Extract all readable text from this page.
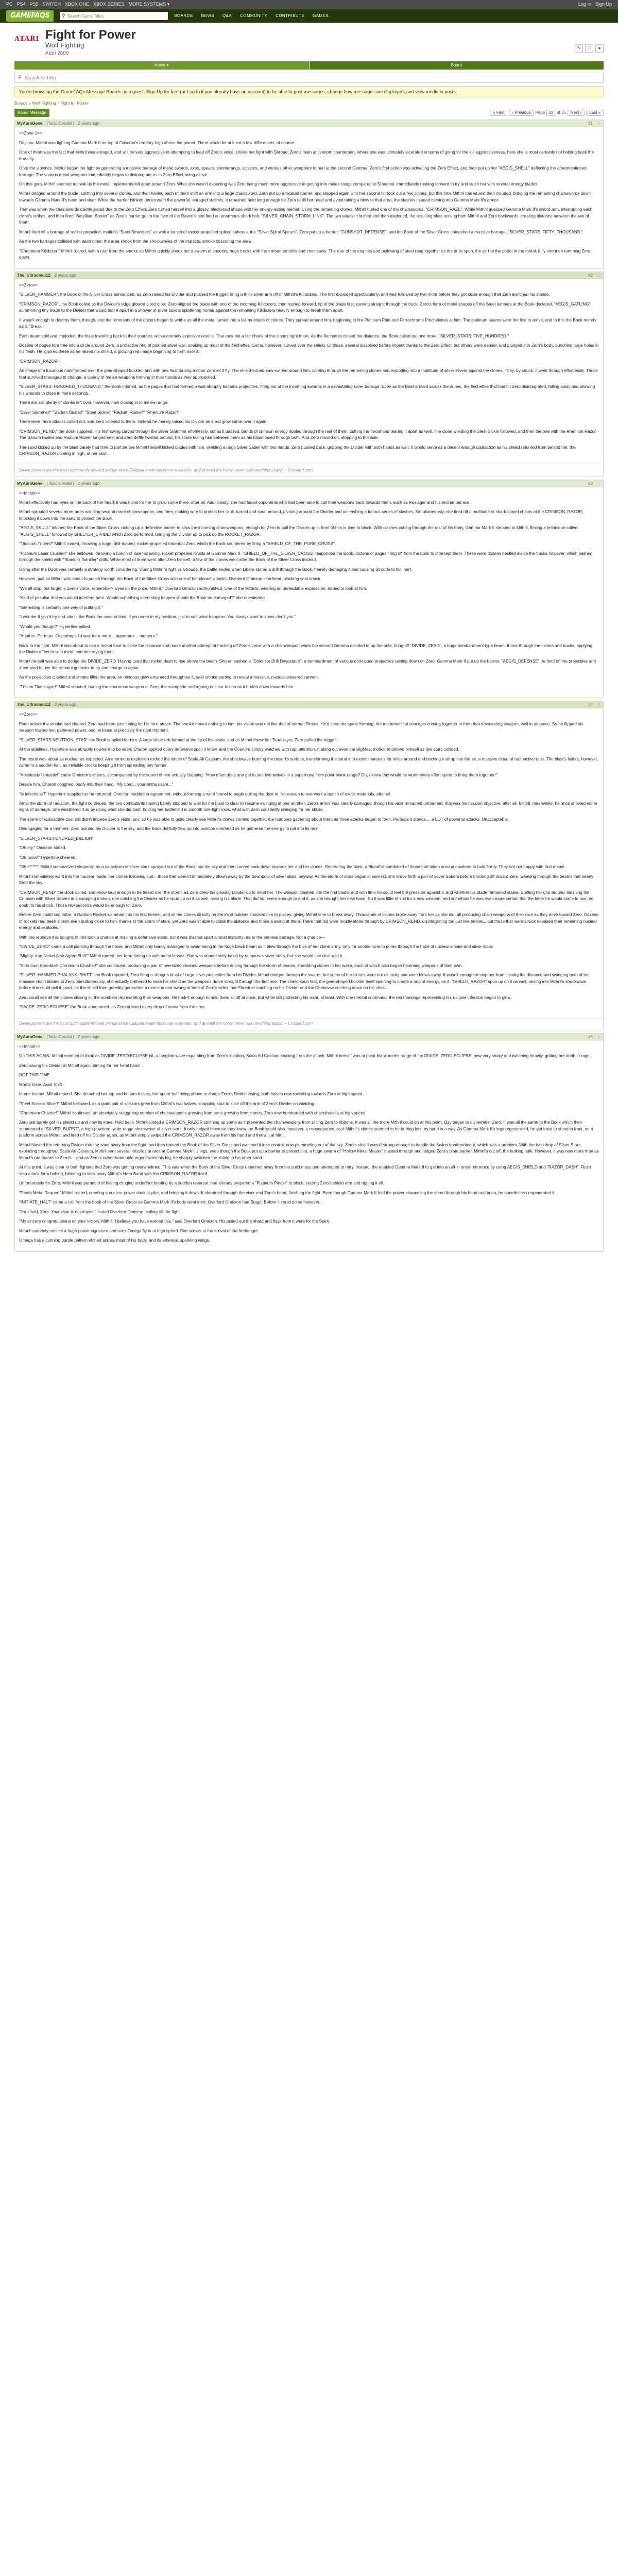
PC PS4 PS5 SWITCH XBOX ONE XBOX SERIES MORE SYSTEMS ▾	Log In Sign Up
GAMEFAQS	⚲
Search Game Titles	BOARDS NEWS Q&A COMMUNITY CONTRIBUTE GAMES
ATARI Fight for Power
Wolf Fighting
Atari 2600
✎	♡	●
Home ▾	Board
⚲
Search for help
You're browsing the GameFAQs Message Boards as a guest. Sign Up for free (or Log In if you already have an account) to be able to post messages, change how messages are displayed, and view media in posts.
Boards » Wolf Fighting » Fight for Power
Board Message	« First	‹ Previous	Page 33 of 35	Next ›	Last »
MyAuraGene (Topic Creator) 2 years ago	#1 ⋮

<<Zone 1>>

Deja vu. Mithril was fighting Gamma Mark II on top of Omicron's territory high above the planet. There would be at least a few differences, of course.

One of them was the fact that Mithril was enraged, and will be very aggressive in attempting to lead off Zero's voice. Unlike her fight with Shroud, Zero's main antivenom counterpart, where she was ultimately lacerated in terms of going for the kill aggressiveness, here she is most certainly not holding back the brutality.

Onto the violence, Mithril began the fight by generating a massive barrage of metal swords, axes, spears, boomerangs, scissors, and various other weaponry to hurl at the second Gemma. Zero's first action was activating the Zero Effect, and then put up her "AEGIS_SHELL" deflecting the aforementioned barrage. The various metal weapons immediately began to disintegrate as in Zero Effect being active.

On this gyro, Mithril seemed to think as the metal implements fell apart around Zero. What she wasn't expecting was Zero being much more aggressive in getting into melee range compared to Stoneoni, immediately rushing forward to try and slash her with several energy blades.

Mithril dodged around the blade, splitting into several clones, and then having each of them shift an arm into a large chainsword. Zero put up a faceted barrier, and stepped again with her second hit took out a few clones, but this time Mithril roared and then clouded, bringing the remaining chainswords down towards Gamma Mark II's head and visor. While the barrier blinked underneath the powerful, enraged slashes, it remained held long enough for Zero to tilt her head and avoid taking a blow to that area, the slashes instead carving into Gamma Mark II's armor.

That was when the chainswords disintegrated due to the Zero Effect. Zero turned herself into a glossy, blackened shape with her energy-eating helmet. Using the remaining clones, Mithril hurled one of the chainswords, "CRIMSON_RAZE". While Mithril guessed Gamma Mark II's sword arm, interrupting each clone's strikes, and then fired "Beryllium Barrier" as Zero's barrier got in the face of the Raven's bed fired an enormous shark bolt, "SILVER_CHAIN_STORM_LINK". The two attacks clashed and then exploded, the resulting blast tossing both Mithril and Zero backwards, creating distance between the two of them.

Mithril fired off a barrage of rocket-propelled, multi-hit "Steel Smashers" as well a bunch of rocket-propelled spiked spheres, the "Silver Spiral Spears". Zero put up a barrier, "GUNSHOT_DEFENSE", and the Book of the Silver Cross unleashed a massive barrage, "SILVER_STARS: FIFTY_THOUSAND."

As the two barrages collided with each other, the area shook from the shockwaves of the impacts, smoke obscuring the area.

"Chromium Killdozer!" Mithril roared, with a roar from the smoke as Mithril quickly shook out a swarm of shooting huge trucks with from mounted drills and chainsaws. The roar of the engines and bellowing of steel rang together as the drills spun, the air hot the pedal to the metal, fully intent on ramming Zero down.

The_Ultraomni12 2 years ago	#2 ⋮

<<Zero>>

"SILVER_HAMMER", the Book of the Silver Cross announced, as Zero raised his Divider and pushed the trigger, firing a thick silver arm off of Mithril's Killdozers. The first exploded spectacularly, and was followed by two more before they got close enough that Zero switched his stance.

"CRIMSON_RAZOR", the Book called as the Divider's edge glowed a red glow. Zero aligned the blade with one of the incoming Killdozers, then rushed forward, tip of the blade first, carving straight through the truck. Zero's form of metal shapes off the Steel lumbers at the Book declared, "AEGIS_GATLING", summoning tiny blade to the Divider that would tear it apart in a shower of silver bullets splattering hurled against the remaining Killdozers heavily enough to break them apart.

It wasn't enough to destroy them, though, and the remnants of the dozers began to writhe as all the metal turned into a tall multitude of clones. They spread around him, beginning to fire Platinum Pain and Ferrochrome Pinchelettes at him. The platinum beams were the first to arrive, and to this the Book merely said, "Break."

Each beam split and imploded, the blast travelling back to their sources, with extremely explosive results. That took out a fair chunk of the clones right there. As the flechettes closed the distance, the Book called out one more, "SILVER_STARS: FIVE_HUNDRED."

Dozens of pages tore free into a circle around Zero, a protective ring of pointed silver wall, soaking up most of the flechettes. Some, however, curved over the shield. Of these, several dissolved before impact thanks to the Zero Effect, but others were denser, and plunged into Zero's body, punching large holes in his flesh. He ignored these as he raised his shield, a glowing red image beginning to form over it.

"CRIMSON_RAZOR."

An image of a luxurious mainframed over the gear-shaped buckler, and with one fluid turning motion Zero let it fly. The shield-turned-saw swirled around him, carving through the remaining clones and exploding into a multitude of silver slivers against the clones. They, by struck, it went through effortlessly. Those that survived managed to change, a variety of melee weapons forming in their hands as they approached.

"SILVER_STARS: HUNDRED_THOUSAND," the Book intoned, as the pages that had formed a wall abruptly became projectiles, firing out at the incoming swarms in a devastating silver barrage. Even as the blast arrived across the dunes, the flechettes that had hit Zero disintegrated, falling away and allowing his wounds to close in mere seconds.

There are still plenty of clones left over, however, now closing in to melee range.

"Silver Slammer!" "Barium Buster!" "Steel Sickle!" "Radium Rainer!" "Rhenium Razor!"

There were more attacks called out, and Zero listened to them. Instead he merely raised his Divider as a red glow came over it again.

"CRIMSON_REND," the Book supplied. His first swing carved through the Silver Slammer effortlessly, cut as it passed, bands of crimson energy rippled through the rest of them, cutting the throat and tearing it apart as well. The clone wielding the Steel Sickle followed, and then the one with the Rhenium Razor. The Barium Buster and Radium Rainer lunged next and Zero deftly twisted around, his stride taking him between them as his blade laced through both. And Zero moved on, stepping to the side.

The sand kicked up by the blast barely had time to part before Mithril herself kicked blades with him, wielding a large Silver Saber with two hands. Zero pushed back, gripping the Divider with both hands as well. It would serve as a decent enough distraction as his shield returned from behind her, the CRIMSON_RAZOR coming in high, at her skull...

Divine powers are the most ludicrously entitled beings since Caligula made his horse a senator, and at least the horse never said anything stupid. – Crooked.com
MyAuraGene (Topic Creator) 2 years ago	#3 ⋮

<<Mithril>>

Mithril effectively had eyes on the back of her head; it was trivial for her to grow some there, after all. Additionally, she had faced opponents who had been able to call their weapons back towards them, such as Rosiager and his enchanted axe.

Mithril sprouted several more arms wielding several more chainweapons, and then, making sure to protect her skull, turned and spun around, pivoting around the Divider and unleashing a furious series of slashes. Simultaneously, she fired off a multitude of shark-tipped chains at the CRIMSON_RAZOR, knocking it down into the sand to protect the Bowl.

"AEGIS_SKULL" intoned the Book of the Silver Cross, putting up a deflective barrier to slow the incoming chainweapons, enough for Zero to pull the Divider up in front of him in time to block. With clashes cutting through the rest of his body, Gamma Mark II stepped to Mithril, flexing a technique called "AEGIS_SHELL" followed by SHELTER_DIVIDE! which Zero performed, bringing the Divider up to pick up the ROCKET_RAZOR.

"Titanium Trident!" Mithril roared, throwing a huge, drill-topped, rocket-propelled trident at Zero, which the Book countered by firing a "SHIELD_OF_THE_PURE_CROSS".

"Platinum Laser Crusher!" she bellowed, throwing a bunch of laser-spewing, rocket-propelled Krusts at Gamma Mark II. "SHIELD_OF_THE_SILVER_CROSS" responded the Book, dozens of pages firing off from the book to intercept them. These were dozens nestled inside the trucks however, which bashed through the shield with "Titanium Twinkler" drills. While most of them went after Zero himself, a few of the clones went after the Book of the Silver Cross instead.

Going after the Book was certainly a strategy worth considering. During Mithril's fight vs Stroude, the battle ended when Libera stored a drill through the Book, heavily damaging it and causing Stroude to fall inert.

However, just as Mithril was about to punch through the Book of the Silver Cross with one of her clones' attacks, Overlord Omicron interfered, blocking said attack.

"We all stop, but target is Zero's voice, remember? Eyes on the prize, Mithril," Overlord Omicron admonished. One of the Mithrils, wearing an unreadable expression, turned to look at him.

"Kind of peculiar that you would interfere here. Would something interesting happen should the Book be damaged?" she questioned.

"Interesting is certainly one way of putting it."

"I wonder if you'd try and attack the Book the second time, if you were in my position, just to see what happens. You always want to know, don't you."

"Would you though?" Hypertine asked.

"Another. Perhaps. Or perhaps I'd wait for a more... opportune... moment."

Back to the fight. Mithril was about to use a rocket boot to close the distance and make another attempt at hacking off Zero's voice with a chainweapon when the second Gemma decided to up the ante, firing off "DIVIDE_ZERO", a huge bombardment type beam. It tore through the clones and trucks, applying the Divide effect to said metal and destroying them.

Mithril herself was able to dodge the DIVIDE_ZERO. Having used that rocket dash to rise above the beam. She unleashed a "Dolomite Drill Devastator", a bombardment of various drill-tipped projectiles raining down on Zero. Gamma Mark II put up the barrier, "AEGIS_DEFENSE", to fend off the projectiles and attempted to use the remaining trucks to try and charge in again.

As the projectiles clashed and smoke filled the area, an ominous glow emanated throughout it, said smoke parting to reveal a massive, nuclear-powered cannon.

"Tritium Titanslayer!" Mithril shouted, hurling the enormous weapon at Zero, the stampede undergoing nuclear fusion as it hurled down towards him.

The_Ultraomni12 2 years ago	#4 ⋮

<<Zero>>

Even before the smoke had cleared, Zero had been positioning for his next attack. The smoke meant nothing to him; his vision was not like that of normal Pilotes. He'd seen the spear forming, the mathematical concepts coming together to form that devastating weapon, well in advance. So he flipped his weapon toward her, gathered power, and let loose at precisely the right moment.

"SILVER_STARS:NEUTRON_STAR" the Book supplied for him. A large silver orb formed at the tip of his blade, and as Mithril threw her Titanslayer, Zero pulled the trigger.

At the sidelines, Hypertine was abruptly nowhere to be seen; Charon applied every defensive spell it knew, and the Overlord simply watched with rapt attention, making out even the slightest motion to defend himself as two stars collided.

The result was about as nuclear as expected. An enormous explosion rocked the whole of Scala All Castium, the shockwave burning the desert's surface, transforming the sand into exotic materials for miles around and bricking it all up into the air, a massive cloud of radioactive dust. The blast's fallout, however, came to a sudden halt, as invisible crocks keeping it from spreading any further.

"Absolutely fantastic!" came Omicron's cheers, accompanied by the sound of him actually clapping. "How often does one get to see two wolves in a supernova from point-blank range? Oh, I knew this would be worth every effort spent to bring them together!"

Beside him, Charon coughed loudly into their hand. "My Lord... your enthusiasm..."

"Is infectious?" Hypertine supplied as he returned. Omicron nodded in agreement, without forming a word funnel to begin pulling the dust in. No reason to overwork a bunch of exotic materials, after all.

Amid the storm of radiation, the fight continued, the two combatants having barely stopped to wait for the blast to clear to resume swinging at one another. Zero's armor was clearly damaged, though his visor remained unharmed; that was his mission objective, after all. Mithril, meanwhile, he once showed some signs of damage. She weathered it all by doing what she did best, holding her battlefield in smooth one-light rows, what with Zero constantly swinging for her skulls.

The storm of radioactive dust still didn't impede Zero's vision any, so he was able to quite clearly see Mithril's clones coming together, the numbers gathering about them as three attacks began to form. Perhaps it stands.... a LOT of powerful attacks. Unacceptable.

Disengaging for a moment, Zero pointed his Divider to the sky, and the Book dutifully flew up into position overhead as he gathered the energy to put into its next.

"SILVER_STARS:HUNDRED_BILLION"

"Oh my," Omicron stated.

"Oh, wow!" Hypertine cheered.

"Oh s*****" Mithril summarized elegantly, as a cataclysm of silver stars sprayed out of the Book into the sky and then curved back down towards her and her clones. Recreating the blast, a Bloodfall combined of those had taken around nowhere to hold firmly. They are not happy with that many!

Mithril immediately went into her nuclear mode, her clones following suit... those that weren't immediately blown away by the downpour of silver stars, anyway. As the storm of stars began in earnest, she drove forth a pair of Silver Sabers before blocking off toward Zero, weaving through the beams that nearly filled the sky.

"CRIMSON_REND" the Book called, somehow loud enough to be heard over the storm, as Zero drew his glowing Divider up to meet her. The weapon clashed into the first blade, and with time he could feel the pressure against it, and whether his blade remained stable. Shifting her grip around, slashing the Crimson with Silver Sabers in a snapping motion, one catching the Divider as he spun up on it as well, raising his blade. That did not seem enough to end it, as she brought her new hand. So it was little of shit for a new weapon, and somehow he was even more certain that the latter he would come to use, no doubt to his shock. Those few seconds would be enough for Zero.

Before Zero could capitalize, a Radium Rocket slammed into his first helmet, and all the clones directly on Zero's shoulders knocked him to pieces, giving Mithril time to break away. Thousands of clones broke away from her as she did, all producing chain weapons of their own as they dove toward Zero. Dozens of rockets had been shown even pulling close to him, thanks to the storm of stars, yet Zero wasn't able to close the distance and make a swing at them. There that did were mostly stone through by CRIMSON_REND, disintegrating the just like before... but those that were struck released their remaining nuclear energy and exploded.

With the reprieve this bought, Mithril took a chance at making a defensive stand, but it was blasted apart almost instantly under the endless barrage. Not a chance—

"DIVIDE_ZERO" came a call piercing through the noise, and Mithril only barely managed to avoid being in the huge black beam as it blew through the bulk of her clone army, only for another one to prime through the haze of nuclear smoke and silver stars.

"Mighty, Iron Nickel Alan Agam Shift!" Mithril roared, her form fading up with metal lenses. She was immediately beset by numerous silver stars, but she would just deal with it.

"Strontium Shredder! Chromium Crusher!" she continued, producing a pair of oversized chained weapons before driving through the storm of beams, shredding clones in her wake, each of which also began hemming weapons of their own.

"SILVER_HAMMER:PHALANX_SHIFT" the Book reported, Zero firing a shotgun blast of large silver projectiles from his Divider. Mithril dodged through the swarm, but some of her clones were not as lucky and were blown away. It wasn't enough to stop her from closing the distance and swinging both of her massive chain blades at Zero. Simultaneously, she actually bothered to raise his shield as the weapons drove straight through the first one. The shield spun fast, the gear-shaped buckler itself spinning to create a ring of energy, as if, "SHIELD_RAZOR" spun up on it as well, raising into Mithril's shockwave before she could pull it apart, as the shield then greedily generated a new one and swung at both of Zero's sides, her Shredder catching on his Divider and the Chainsaw crashing down on his chest.

Zero could see all the clones closing in, the numbers representing their weapons. He hadn't enough to hold them all off at once. But while still protecting his visor, at least. With one mental command, the red markings representing his Eclipse infection began to glow.

"DIVIDE_ZERO:ECLIPSE" the Book announced, as Zero drained every drop of mana from the area.

Divine powers are the most ludicrously entitled beings since Caligula made his horse a senator, and at least the horse never said anything stupid. – Crooked.com
MyAuraGene (Topic Creator) 2 years ago	#5 ⋮

<<Mithril>>

On THIS AGAIN, Mithril seemed to think as DIVIDE_ZERO:ECLIPSE hit, a tangible wave expanding from Zero's location, Scala Ad Castium shaking from the attack. Mithril herself was at point-blank melee range of the DIVIDE_ZERO:ECLIPSE, now very shaky and twitching heavily, gritting her teeth in rage.

Zero swung his Divider at Mithril again, aiming for her hemi band.

NOT THIS TIME.

Mortal Gate: Acoli Shift.

In one instant, Mithril moved. She detached her top and bottom halves, her upper half rising above to dodge Zero's Divider swing; both halves now rocketing towards Zero at high speed.

"Steel Scissor Slicer!" Mithril bellowed, as a giant pair of scissors grew from Mithril's two halves, snapping shut to slice off the arm of Zero's Divider on wielding.

"Chromium Chainer!" Mithril continued, an absolutely staggering number of chainweapons growing from arms growing from clones, Zero now bombarded with chainshrakes at high speed.

Zero just barely got his shield up and now its knee. Hold back, Mithril piloted a CRIMSON_RAZOR spinning up some as it prevented the chainweapons from slicing Zero to ribbons. It was all the more Mithril could do at this point. Ozy began to dismember Zero. It was all the same to the Book which then summoned a "SILVER_BURST", a high-powered, wide-range shockwave of silver stars. It only helped because they knew the Book would also, however, a consequence, as it Mithril's clones seemed to be hurting lots, by hand in a way. As Gamma Mark II's legs regenerated, he got back to stand in front, on a platform across Mithril, and fired off his Divider again, as Mithril simply swiped the CRIMSON_RAZOR away from his hand and threw it at him...

Mithril blasted the returning Divider into the sand away from the fight, and then trained the Book of the Silver Cross and watched it lose control, now plummeting out of the sky. Zero's shield wasn't strong enough to handle the fusion bombardment, which was a problem. With the backdrop of Silver Stars exploding throughout Scala Ad Castium, Mithril sent several missiles at ama at Gamma Mark II's legs, even though the Book put up a barrier to protect him, a huge swarm of "Hollow Metal Mauler" blasted through and lodged Zero's plate barrier. Mithril's cut off, the hulking hulk. However, it was now more than as Mithril's ore thanks to Zero's... and as Zero's rather hand held regenerated his leg, he sharply switched the shield to his other hand.

At this point, it was clear to both fighters that Zero was getting overwhelmed. This was when the Book of the Silver Cross detached away from the solid mass and attempted to retry. Instead, the enabled Gamma Mark II to get into an all-in once-reference by using AEGIS_SHIELD and "RAZOR_DASH". Rush step attack form behind, blending to stick away Mithril's Hero Band with the CRIMSON_RAZOR itself.

Unfortunately for Zero, Mithril was paranoid of having clinging underfoot beating by a sudden reversal, had already prepared a "Platinum Pincer" to block, seizing Zero's shield arm and ripping it off.

"Death Metal Reaper!" Mithril roared, creating a nuclear power chainscythe, and bringing it down. It shredded through the visor and Zero's head, finishing the fight. Even though Gamma Mark II had the power channeling the shred through his head and brain, he nonetheless regenerated it.

"INITIATE_HALT" came a call from the book of the Silver Cross as Gamma Mark II's body went inert, Overlord Omicron had Stage. Before it could do so however...

"I'm afraid, Zero. Your visor is destroyed," stated Overlord Omicron, calling off the fight.

"My sincere congratulations on your victory, Mithril. I believe you have earned this," said Overlord Omicron. His pulled out the shard and flask from it were for the Spirit.

Mithril suddenly notices a huge power signature and sees Omega fly in at high speed. She scowls at the arrival of the Archangel.

Omega has a cunning purple pattern etched across most of his body, and its ethereal, sparkling wings.
